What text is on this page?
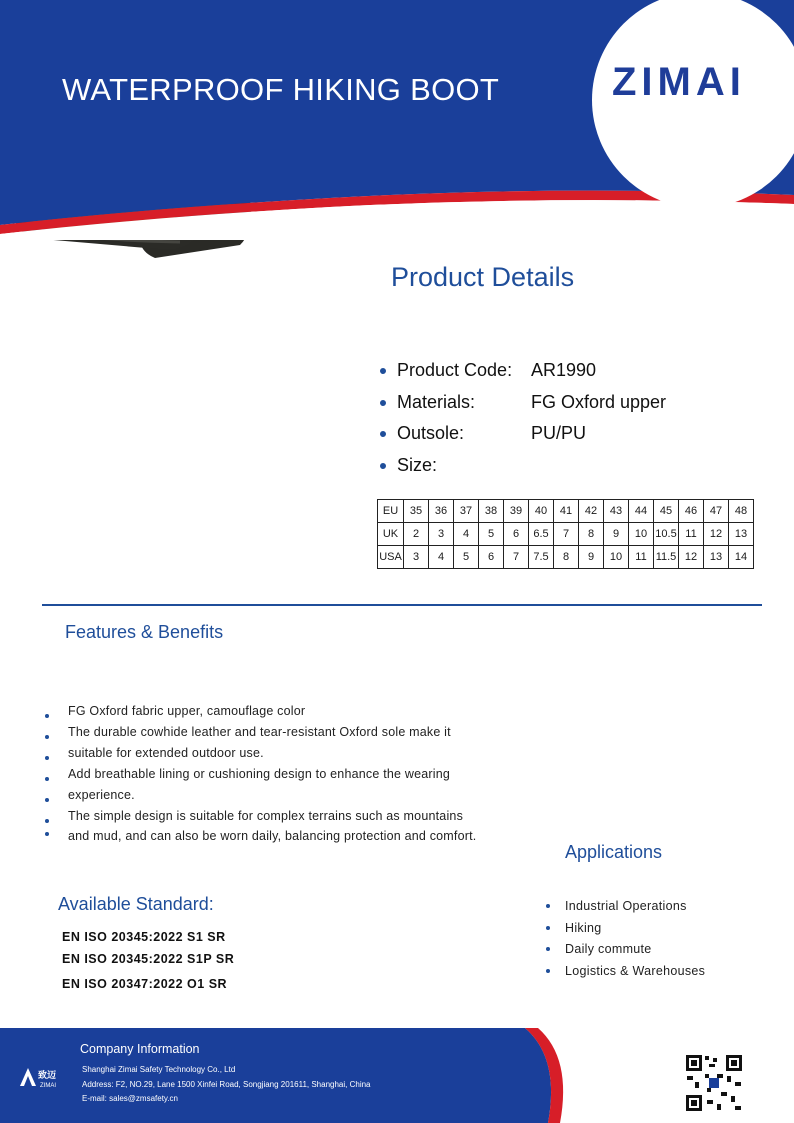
WATERPROOF HIKING BOOT	ZIMAI
Product Details
Product Code: AR1990
Materials:	FG Oxford upper
Outsole:	PU/PU
Size:
EU	35	36	37	38	39	40	41	42	43	44	45	46	47	48
UK	2	3	4	5	6	6.5	7	8	9	10	10.5	11	12	13
USA	3	4	5	6	7	7.5	8	9	10	11	11.5	12	13	14
Features & Benefits
FG Oxford fabric upper, camouflage color
The durable cowhide leather and tear-resistant Oxford sole make it
suitable for extended outdoor use.
Add breathable lining or cushioning design to enhance the wearing
experience.
The simple design is suitable for complex terrains such as mountains
and mud, and can also be worn daily, balancing protection and comfort.
Applications
Industrial Operations
Hiking
Daily commute
Logistics & Warehouses
Available Standard:
EN ISO 20345:2022 S1 SR
EN ISO 20345:2022 S1P SR
EN ISO 20347:2022 O1 SR
Company Information
Shanghai Zimai Safety Technology Co., Ltd
Address: F2, NO.29, Lane 1500 Xinfei Road, Songjiang 201611, Shanghai, China
E-mail: sales@zmsafety.cn
致迈
ZIMAI
